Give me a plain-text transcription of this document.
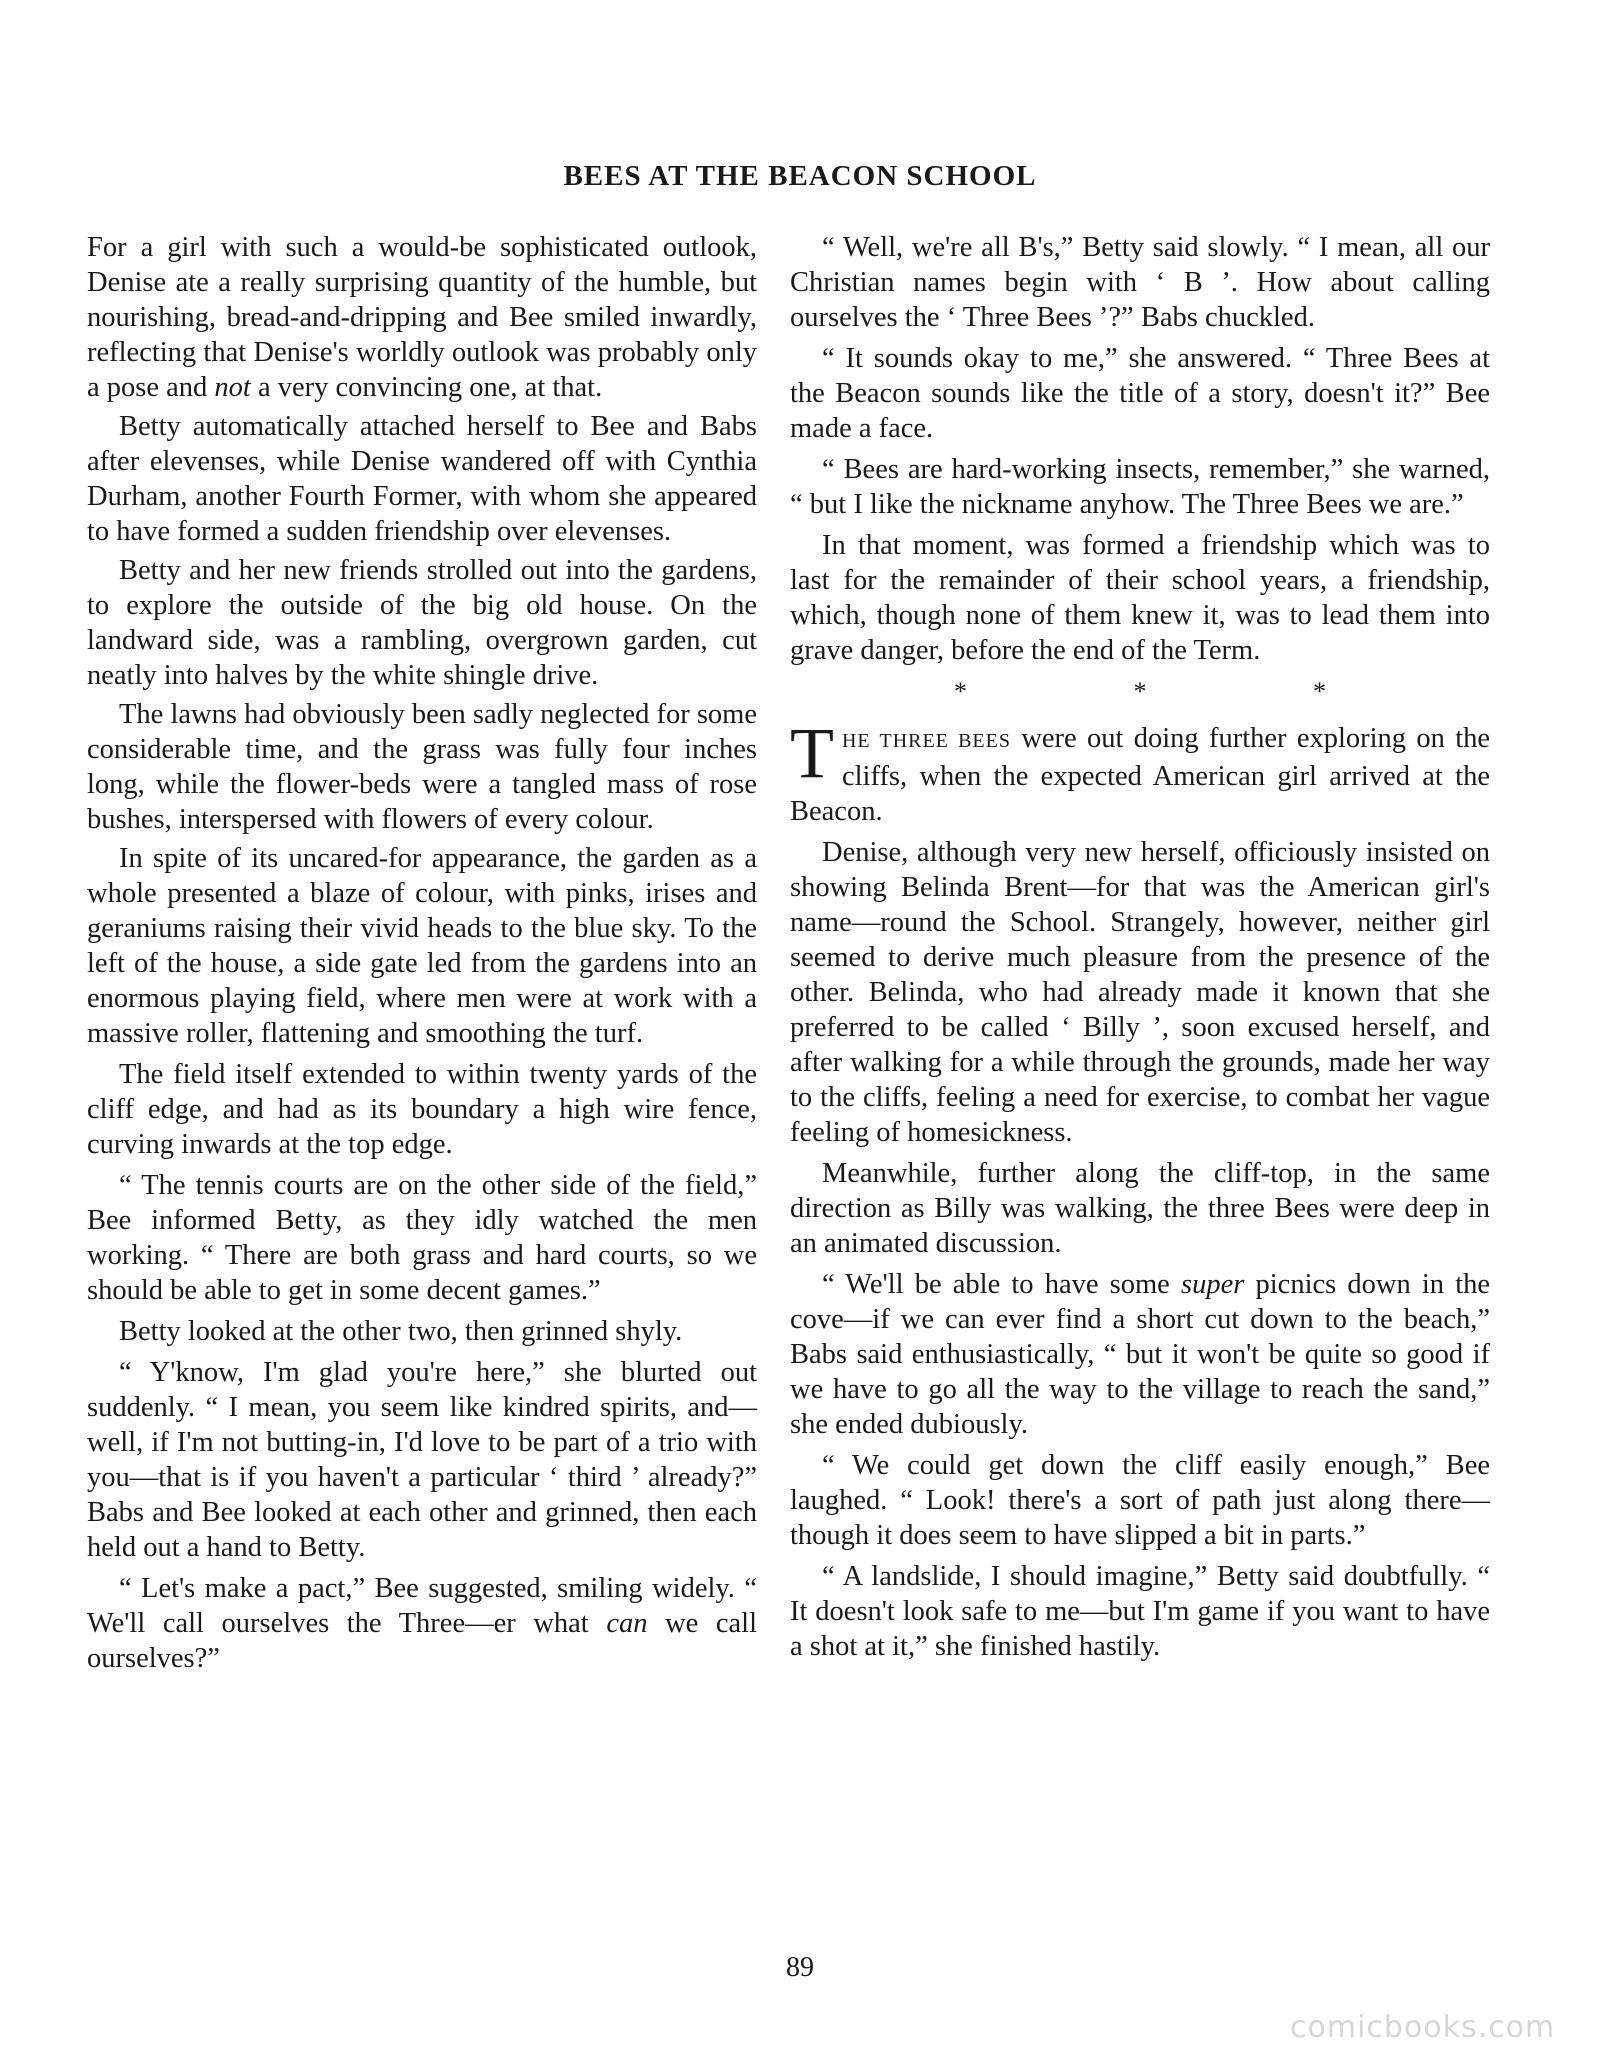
BEES AT THE BEACON SCHOOL

For a girl with such a would-be sophisticated outlook, Denise ate a really surprising quantity of the humble, but nourishing, bread-and-dripping and Bee smiled inwardly, reflecting that Denise's worldly outlook was probably only a pose and not a very convincing one, at that.

Betty automatically attached herself to Bee and Babs after elevenses, while Denise wandered off with Cynthia Durham, another Fourth Former, with whom she appeared to have formed a sudden friendship over elevenses.

Betty and her new friends strolled out into the gardens, to explore the outside of the big old house. On the landward side, was a rambling, overgrown garden, cut neatly into halves by the white shingle drive.

The lawns had obviously been sadly neglected for some considerable time, and the grass was fully four inches long, while the flower-beds were a tangled mass of rose bushes, interspersed with flowers of every colour.

In spite of its uncared-for appearance, the garden as a whole presented a blaze of colour, with pinks, irises and geraniums raising their vivid heads to the blue sky. To the left of the house, a side gate led from the gardens into an enormous playing field, where men were at work with a massive roller, flattening and smoothing the turf.

The field itself extended to within twenty yards of the cliff edge, and had as its boundary a high wire fence, curving inwards at the top edge.

“ The tennis courts are on the other side of the field,” Bee informed Betty, as they idly watched the men working. “ There are both grass and hard courts, so we should be able to get in some decent games.”

Betty looked at the other two, then grinned shyly.

“ Y'know, I'm glad you're here,” she blurted out suddenly. “ I mean, you seem like kindred spirits, and—well, if I'm not butting-in, I'd love to be part of a trio with you—that is if you haven't a particular ‘ third ’ already?” Babs and Bee looked at each other and grinned, then each held out a hand to Betty.

“ Let's make a pact,” Bee suggested, smiling widely. “ We'll call ourselves the Three—er what can we call ourselves?”

“ Well, we're all B's,” Betty said slowly. “ I mean, all our Christian names begin with ‘ B ’. How about calling ourselves the ‘ Three Bees ’?” Babs chuckled.

“ It sounds okay to me,” she answered. “ Three Bees at the Beacon sounds like the title of a story, doesn't it?” Bee made a face.

“ Bees are hard-working insects, remember,” she warned, “ but I like the nickname anyhow. The Three Bees we are.”

In that moment, was formed a friendship which was to last for the remainder of their school years, a friendship, which, though none of them knew it, was to lead them into grave danger, before the end of the Term.

* * *

THE THREE BEES were out doing further exploring on the cliffs, when the expected American girl arrived at the Beacon.

Denise, although very new herself, officiously insisted on showing Belinda Brent—for that was the American girl's name—round the School. Strangely, however, neither girl seemed to derive much pleasure from the presence of the other. Belinda, who had already made it known that she preferred to be called ‘ Billy ’, soon excused herself, and after walking for a while through the grounds, made her way to the cliffs, feeling a need for exercise, to combat her vague feeling of homesickness.

Meanwhile, further along the cliff-top, in the same direction as Billy was walking, the three Bees were deep in an animated discussion.

“ We'll be able to have some super picnics down in the cove—if we can ever find a short cut down to the beach,” Babs said enthusiastically, “ but it won't be quite so good if we have to go all the way to the village to reach the sand,” she ended dubiously.

“ We could get down the cliff easily enough,” Bee laughed. “ Look! there's a sort of path just along there—though it does seem to have slipped a bit in parts.”

“ A landslide, I should imagine,” Betty said doubtfully. “ It doesn't look safe to me—but I'm game if you want to have a shot at it,” she finished hastily.

89
comicbooks.com
